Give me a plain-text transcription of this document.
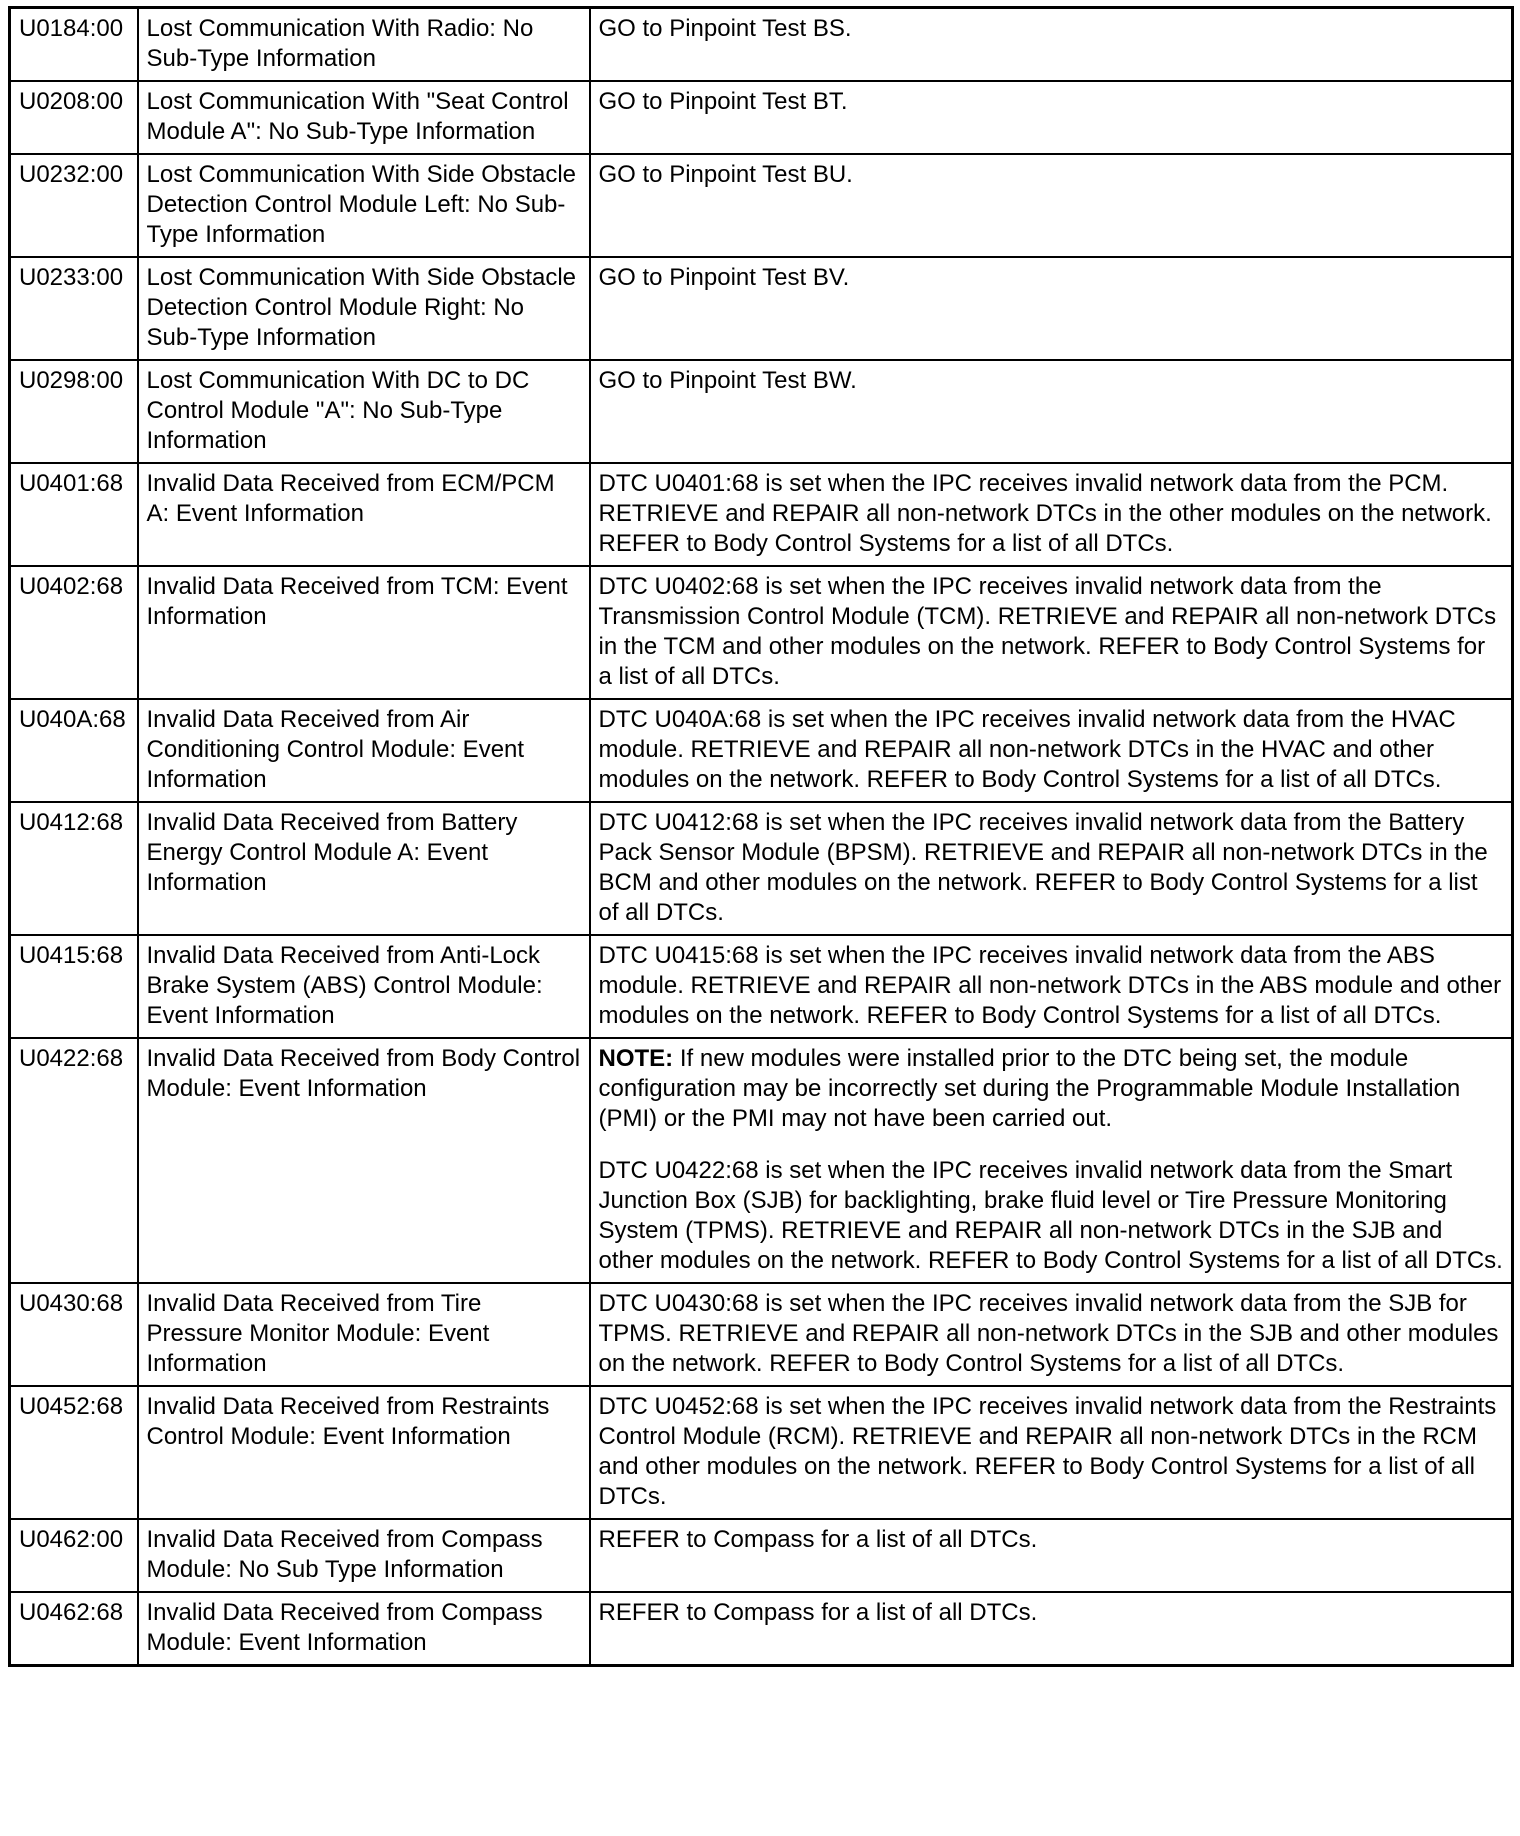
U0184:00	Lost Communication With Radio: No Sub-Type Information	GO to Pinpoint Test BS.
U0208:00	Lost Communication With "Seat Control Module A": No Sub-Type Information	GO to Pinpoint Test BT.
U0232:00	Lost Communication With Side Obstacle Detection Control Module Left: No Sub-Type Information	GO to Pinpoint Test BU.
U0233:00	Lost Communication With Side Obstacle Detection Control Module Right: No Sub-Type Information	GO to Pinpoint Test BV.
U0298:00	Lost Communication With DC to DC Control Module "A": No Sub-Type Information	GO to Pinpoint Test BW.
U0401:68	Invalid Data Received from ECM/PCM A: Event Information	DTC U0401:68 is set when the IPC receives invalid network data from the PCM. RETRIEVE and REPAIR all non-network DTCs in the other modules on the network. REFER to Body Control Systems for a list of all DTCs.
U0402:68	Invalid Data Received from TCM: Event Information	DTC U0402:68 is set when the IPC receives invalid network data from the Transmission Control Module (TCM). RETRIEVE and REPAIR all non-network DTCs in the TCM and other modules on the network. REFER to Body Control Systems for a list of all DTCs.
U040A:68	Invalid Data Received from Air Conditioning Control Module: Event Information	DTC U040A:68 is set when the IPC receives invalid network data from the HVAC module. RETRIEVE and REPAIR all non-network DTCs in the HVAC and other modules on the network. REFER to Body Control Systems for a list of all DTCs.
U0412:68	Invalid Data Received from Battery Energy Control Module A: Event Information	DTC U0412:68 is set when the IPC receives invalid network data from the Battery Pack Sensor Module (BPSM). RETRIEVE and REPAIR all non-network DTCs in the BCM and other modules on the network. REFER to Body Control Systems for a list of all DTCs.
U0415:68	Invalid Data Received from Anti-Lock Brake System (ABS) Control Module: Event Information	DTC U0415:68 is set when the IPC receives invalid network data from the ABS module. RETRIEVE and REPAIR all non-network DTCs in the ABS module and other modules on the network. REFER to Body Control Systems for a list of all DTCs.
U0422:68	Invalid Data Received from Body Control Module: Event Information	NOTE: If new modules were installed prior to the DTC being set, the module configuration may be incorrectly set during the Programmable Module Installation (PMI) or the PMI may not have been carried out.

DTC U0422:68 is set when the IPC receives invalid network data from the Smart Junction Box (SJB) for backlighting, brake fluid level or Tire Pressure Monitoring System (TPMS). RETRIEVE and REPAIR all non-network DTCs in the SJB and other modules on the network. REFER to Body Control Systems for a list of all DTCs.

U0430:68	Invalid Data Received from Tire Pressure Monitor Module: Event Information	DTC U0430:68 is set when the IPC receives invalid network data from the SJB for TPMS. RETRIEVE and REPAIR all non-network DTCs in the SJB and other modules on the network. REFER to Body Control Systems for a list of all DTCs.
U0452:68	Invalid Data Received from Restraints Control Module: Event Information	DTC U0452:68 is set when the IPC receives invalid network data from the Restraints Control Module (RCM). RETRIEVE and REPAIR all non-network DTCs in the RCM and other modules on the network. REFER to Body Control Systems for a list of all DTCs.
U0462:00	Invalid Data Received from Compass Module: No Sub Type Information	REFER to Compass for a list of all DTCs.
U0462:68	Invalid Data Received from Compass Module: Event Information	REFER to Compass for a list of all DTCs.
